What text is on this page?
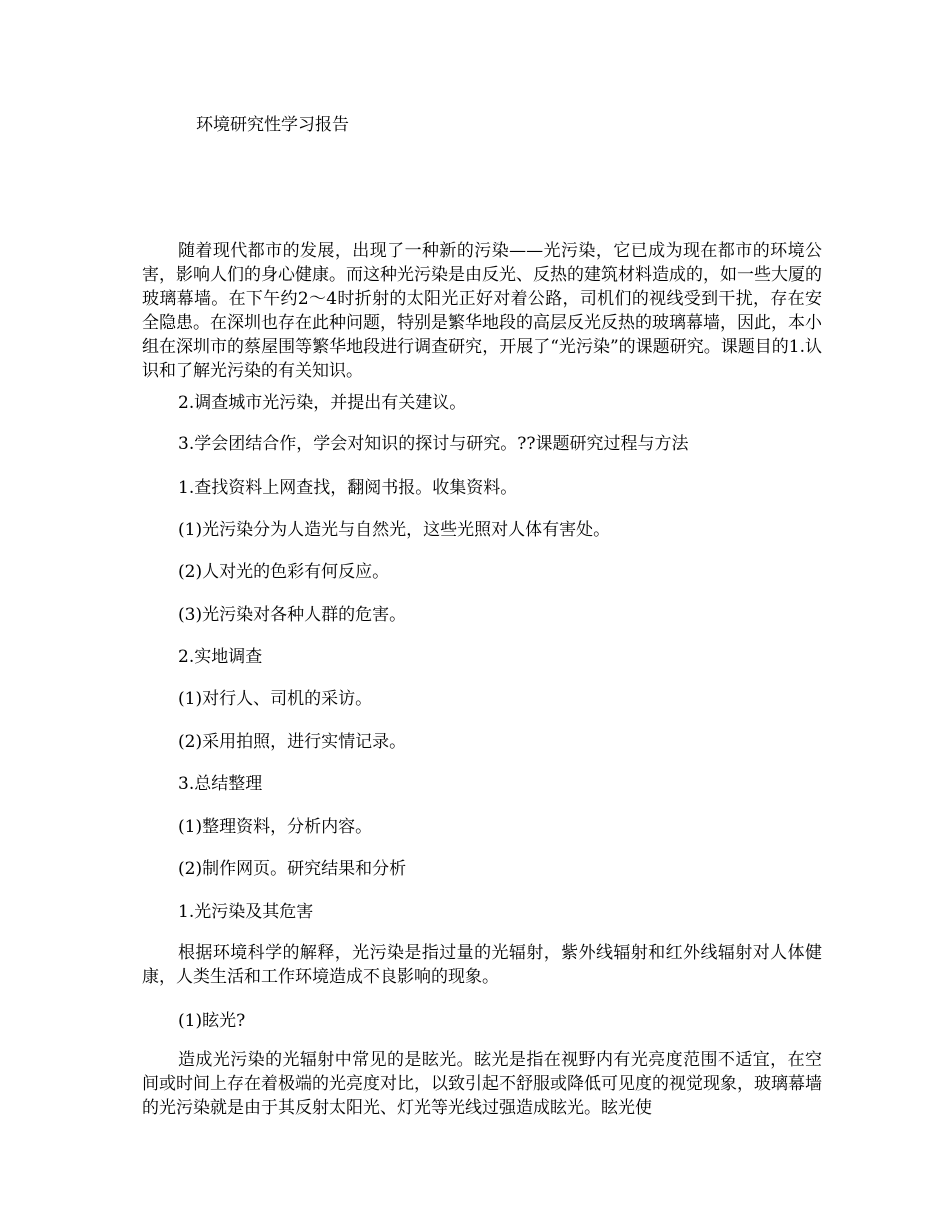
环境研究性学习报告

随着现代都市的发展，出现了一种新的污染——光污染，它已成为现在都市的环境公害，影响人们的身心健康。而这种光污染是由反光、反热的建筑材料造成的，如一些大厦的玻璃幕墙。在下午约2～4时折射的太阳光正好对着公路，司机们的视线受到干扰，存在安全隐患。在深圳也存在此种问题，特别是繁华地段的高层反光反热的玻璃幕墙，因此，本小组在深圳市的蔡屋围等繁华地段进行调查研究，开展了“光污染”的课题研究。课题目的1.认识和了解光污染的有关知识。

2.调查城市光污染，并提出有关建议。
3.学会团结合作，学会对知识的探讨与研究。??课题研究过程与方法
1.查找资料上网查找，翻阅书报。收集资料。
(1)光污染分为人造光与自然光，这些光照对人体有害处。
(2)人对光的色彩有何反应。
(3)光污染对各种人群的危害。
2.实地调查
(1)对行人、司机的采访。
(2)采用拍照，进行实情记录。
3.总结整理
(1)整理资料，分析内容。
(2)制作网页。研究结果和分析
1.光污染及其危害

根据环境科学的解释，光污染是指过量的光辐射，紫外线辐射和红外线辐射对人体健康，人类生活和工作环境造成不良影响的现象。

(1)眩光?

造成光污染的光辐射中常见的是眩光。眩光是指在视野内有光亮度范围不适宜，在空间或时间上存在着极端的光亮度对比，以致引起不舒服或降低可见度的视觉现象，玻璃幕墙的光污染就是由于其反射太阳光、灯光等光线过强造成眩光。眩光使
